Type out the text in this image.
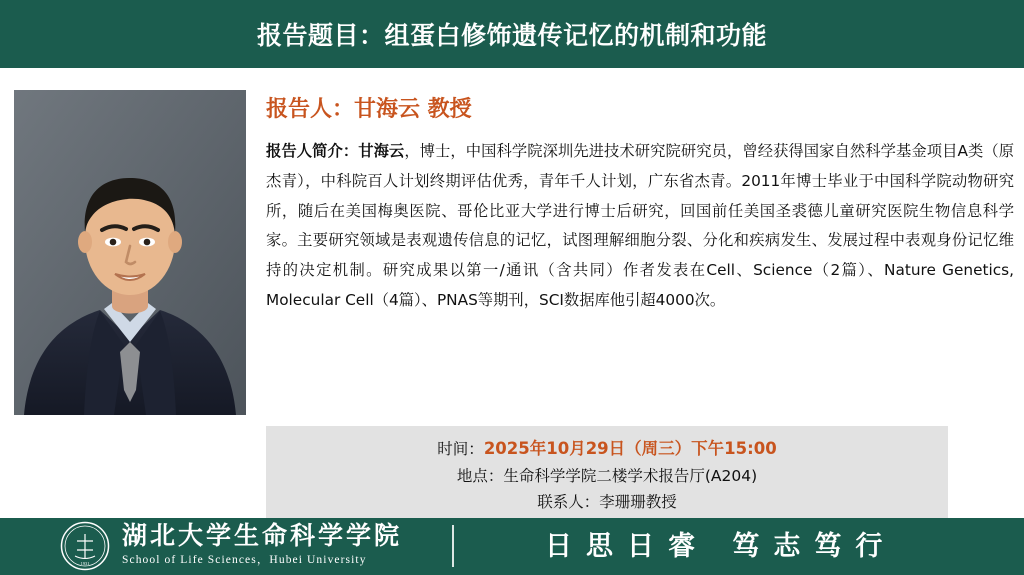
报告题目：组蛋白修饰遗传记忆的机制和功能
报告人：甘海云 教授
报告人简介：甘海云，博士，中国科学院深圳先进技术研究院研究员，曾经获得国家自然科学基金项目A类（原杰青），中科院百人计划终期评估优秀，青年千人计划，广东省杰青。2011年博士毕业于中国科学院动物研究所，随后在美国梅奥医院、哥伦比亚大学进行博士后研究，回国前任美国圣裘德儿童研究医院生物信息科学家。主要研究领域是表观遗传信息的记忆，试图理解细胞分裂、分化和疾病发生、发展过程中表观身份记忆维持的决定机制。研究成果以第一/通讯（含共同）作者发表在Cell、Science（2篇）、Nature Genetics, Molecular Cell（4篇）、PNAS等期刊，SCI数据库他引超4000次。
时间：2025年10月29日（周三）下午15:00
地点：生命科学学院二楼学术报告厅(A204)
联系人：李珊珊教授
1931
湖北大学生命科学学院
School of Life Sciences，Hubei University	日思日睿 笃志笃行
